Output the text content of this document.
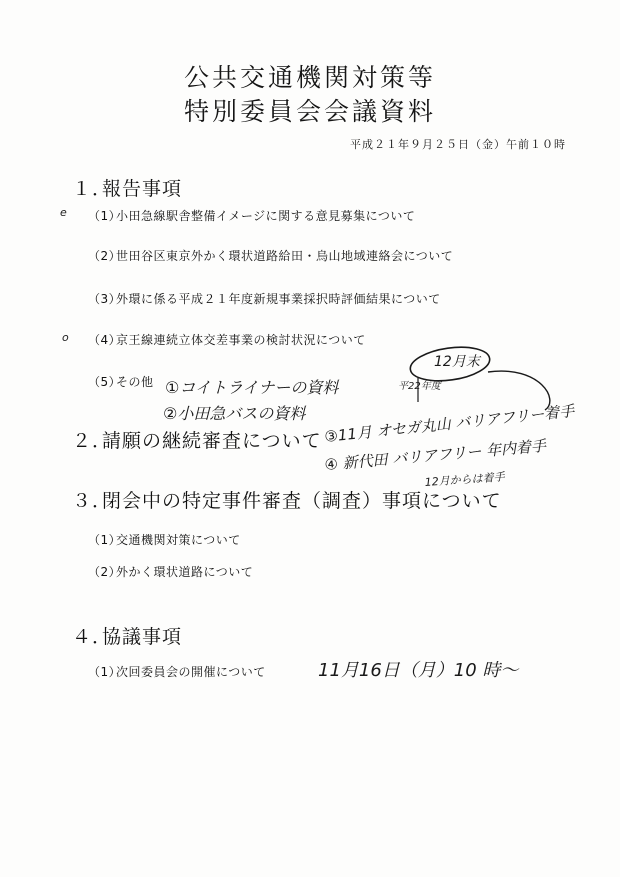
公共交通機関対策等
特別委員会会議資料
平成２１年９月２５日（金）午前１０時
１．報告事項
（1）小田急線駅舎整備イメージに関する意見募集について
（2）世田谷区東京外かく環状道路給田・烏山地域連絡会について
（3）外環に係る平成２１年度新規事業採択時評価結果について
（4）京王線連続立体交差事業の検討状況について
（5）その他
２．請願の継続審査について
３．閉会中の特定事件審査（調査）事項について
（1）交通機関対策について
（2）外かく環状道路について
４．協議事項
（1）次回委員会の開催について
e
o
12月末
平22年度
①コイトライナーの資料
②小田急バスの資料 ③11月 オセガ丸山 バリアフリー着手
④ 新代田 バリアフリー 年内着手
12月からは着手
11月16日（月）10 時〜
